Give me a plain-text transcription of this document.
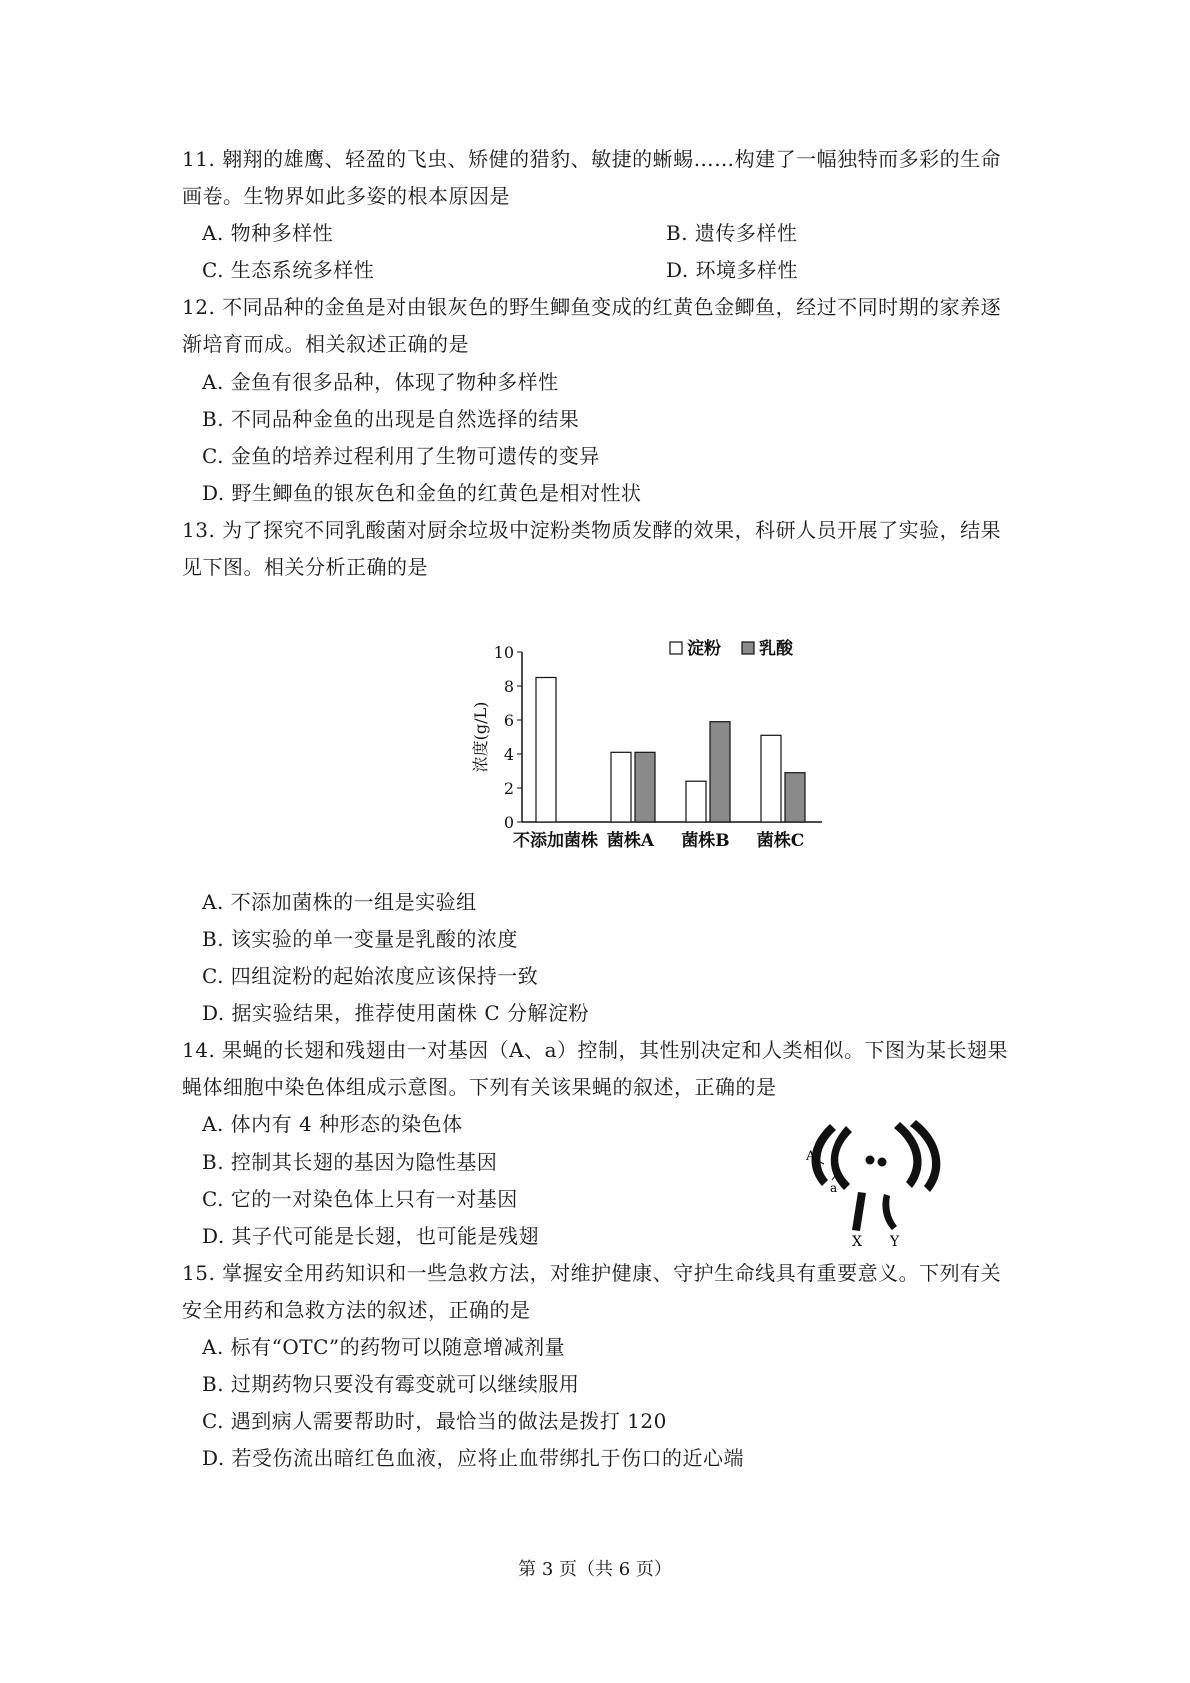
11. 翱翔的雄鹰、轻盈的飞虫、矫健的猎豹、敏捷的蜥蜴……构建了一幅独特而多彩的生命
画卷。生物界如此多姿的根本原因是
A. 物种多样性	B. 遗传多样性
C. 生态系统多样性	D. 环境多样性
12. 不同品种的金鱼是对由银灰色的野生鲫鱼变成的红黄色金鲫鱼，经过不同时期的家养逐
渐培育而成。相关叙述正确的是
A. 金鱼有很多品种，体现了物种多样性
B. 不同品种金鱼的出现是自然选择的结果
C. 金鱼的培养过程利用了生物可遗传的变异
D. 野生鲫鱼的银灰色和金鱼的红黄色是相对性状
13. 为了探究不同乳酸菌对厨余垃圾中淀粉类物质发酵的效果，科研人员开展了实验，结果
见下图。相关分析正确的是
0
2
4
6
8
10
浓度(g/L)
不添加菌株 菌株A 菌株B 菌株C
淀粉 乳酸
A. 不添加菌株的一组是实验组
B. 该实验的单一变量是乳酸的浓度
C. 四组淀粉的起始浓度应该保持一致
D. 据实验结果，推荐使用菌株 C 分解淀粉
14. 果蝇的长翅和残翅由一对基因（A、a）控制，其性别决定和人类相似。下图为某长翅果
蝇体细胞中染色体组成示意图。下列有关该果蝇的叙述，正确的是
A. 体内有 4 种形态的染色体
B. 控制其长翅的基因为隐性基因
C. 它的一对染色体上只有一对基因
D. 其子代可能是长翅，也可能是残翅
A
a
X Y
15. 掌握安全用药知识和一些急救方法，对维护健康、守护生命线具有重要意义。下列有关
安全用药和急救方法的叙述，正确的是
A. 标有“OTC”的药物可以随意增减剂量
B. 过期药物只要没有霉变就可以继续服用
C. 遇到病人需要帮助时，最恰当的做法是拨打 120
D. 若受伤流出暗红色血液，应将止血带绑扎于伤口的近心端
第 3 页（共 6 页）
